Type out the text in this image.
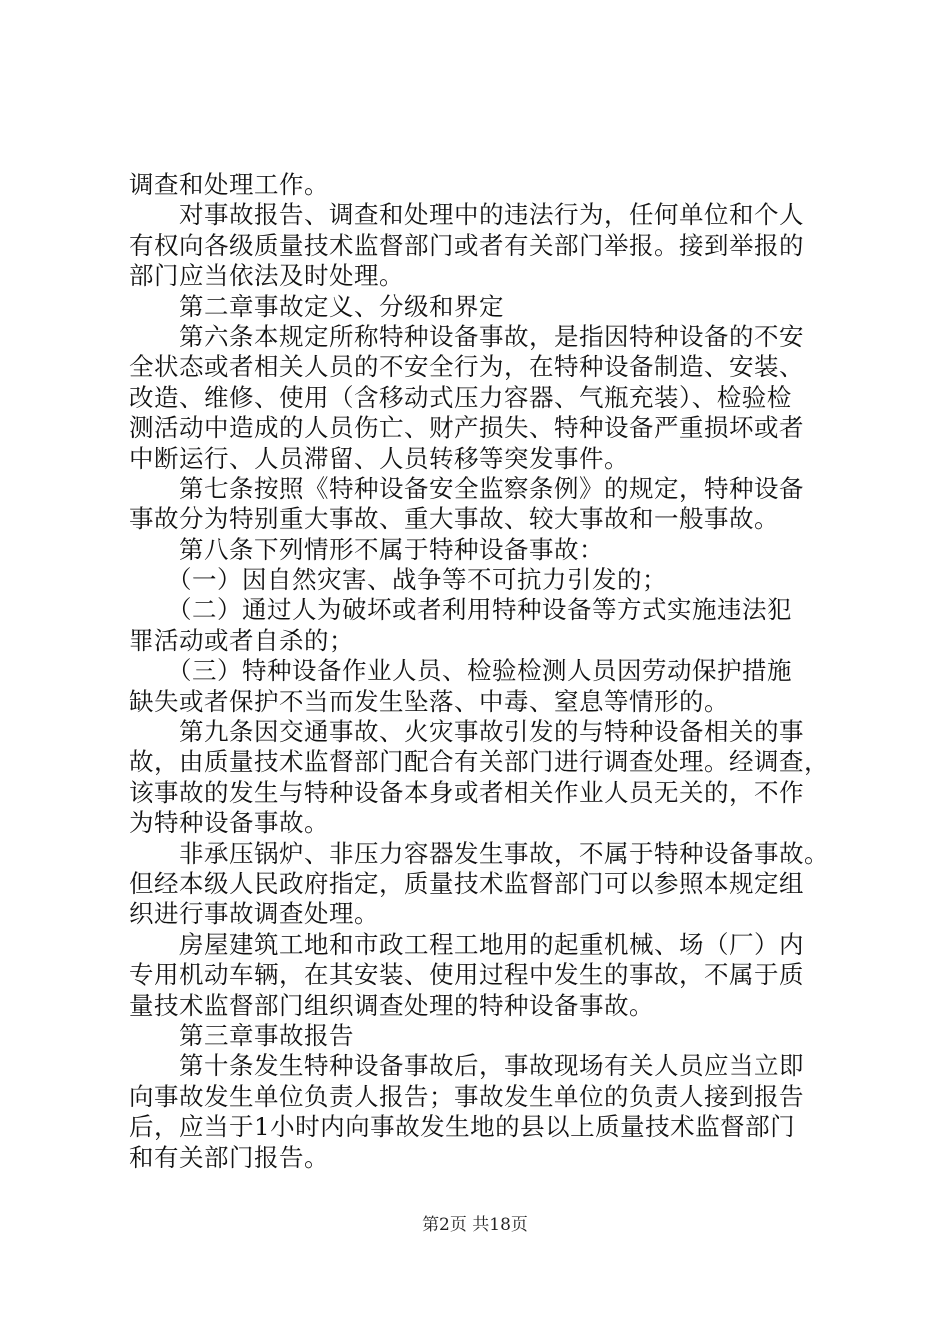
调查和处理工作。
对事故报告、调查和处理中的违法行为，任何单位和个人
有权向各级质量技术监督部门或者有关部门举报。接到举报的
部门应当依法及时处理。
第二章事故定义、分级和界定
第六条本规定所称特种设备事故，是指因特种设备的不安
全状态或者相关人员的不安全行为，在特种设备制造、安装、
改造、维修、使用（含移动式压力容器、气瓶充装）、检验检
测活动中造成的人员伤亡、财产损失、特种设备严重损坏或者
中断运行、人员滞留、人员转移等突发事件。
第七条按照《特种设备安全监察条例》的规定，特种设备
事故分为特别重大事故、重大事故、较大事故和一般事故。
第八条下列情形不属于特种设备事故：
（一）因自然灾害、战争等不可抗力引发的；
（二）通过人为破坏或者利用特种设备等方式实施违法犯
罪活动或者自杀的；
（三）特种设备作业人员、检验检测人员因劳动保护措施
缺失或者保护不当而发生坠落、中毒、窒息等情形的。
第九条因交通事故、火灾事故引发的与特种设备相关的事
故，由质量技术监督部门配合有关部门进行调查处理。经调查，
该事故的发生与特种设备本身或者相关作业人员无关的，不作
为特种设备事故。
非承压锅炉、非压力容器发生事故，不属于特种设备事故。
但经本级人民政府指定，质量技术监督部门可以参照本规定组
织进行事故调查处理。
房屋建筑工地和市政工程工地用的起重机械、场（厂）内
专用机动车辆，在其安装、使用过程中发生的事故，不属于质
量技术监督部门组织调查处理的特种设备事故。
第三章事故报告
第十条发生特种设备事故后，事故现场有关人员应当立即
向事故发生单位负责人报告；事故发生单位的负责人接到报告
后，应当于1小时内向事故发生地的县以上质量技术监督部门
和有关部门报告。
第2页 共18页
